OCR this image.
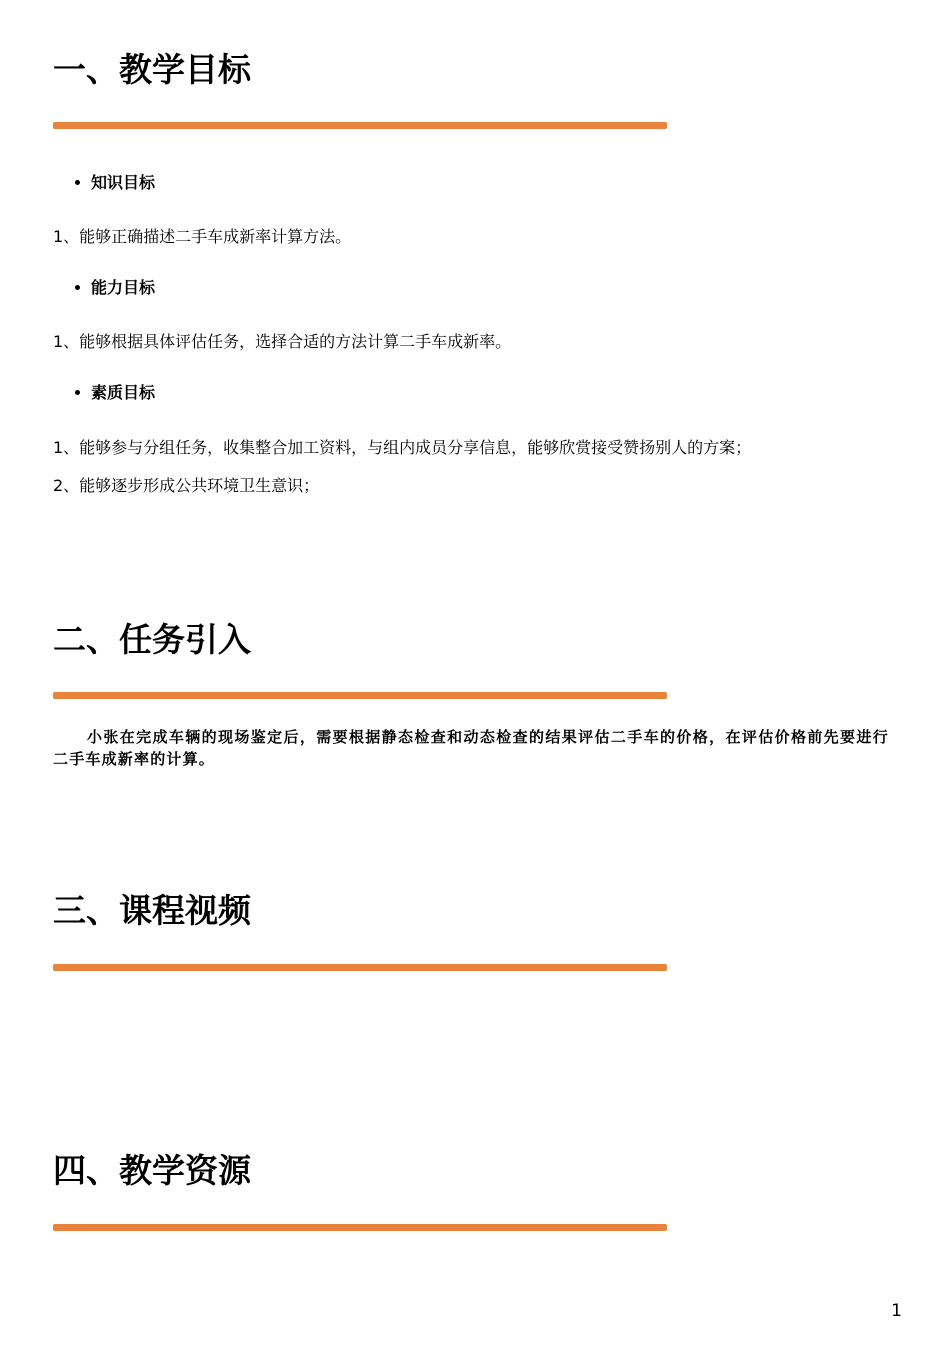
一、教学目标
知识目标
1、能够正确描述二手车成新率计算方法。
能力目标
1、能够根据具体评估任务，选择合适的方法计算二手车成新率。
素质目标
1、能够参与分组任务，收集整合加工资料，与组内成员分享信息，能够欣赏接受赞扬别人的方案；
2、能够逐步形成公共环境卫生意识；
二、任务引入

小张在完成车辆的现场鉴定后，需要根据静态检查和动态检查的结果评估二手车的价格，在评估价格前先要进行二手车成新率的计算。

三、课程视频
四、教学资源
1
